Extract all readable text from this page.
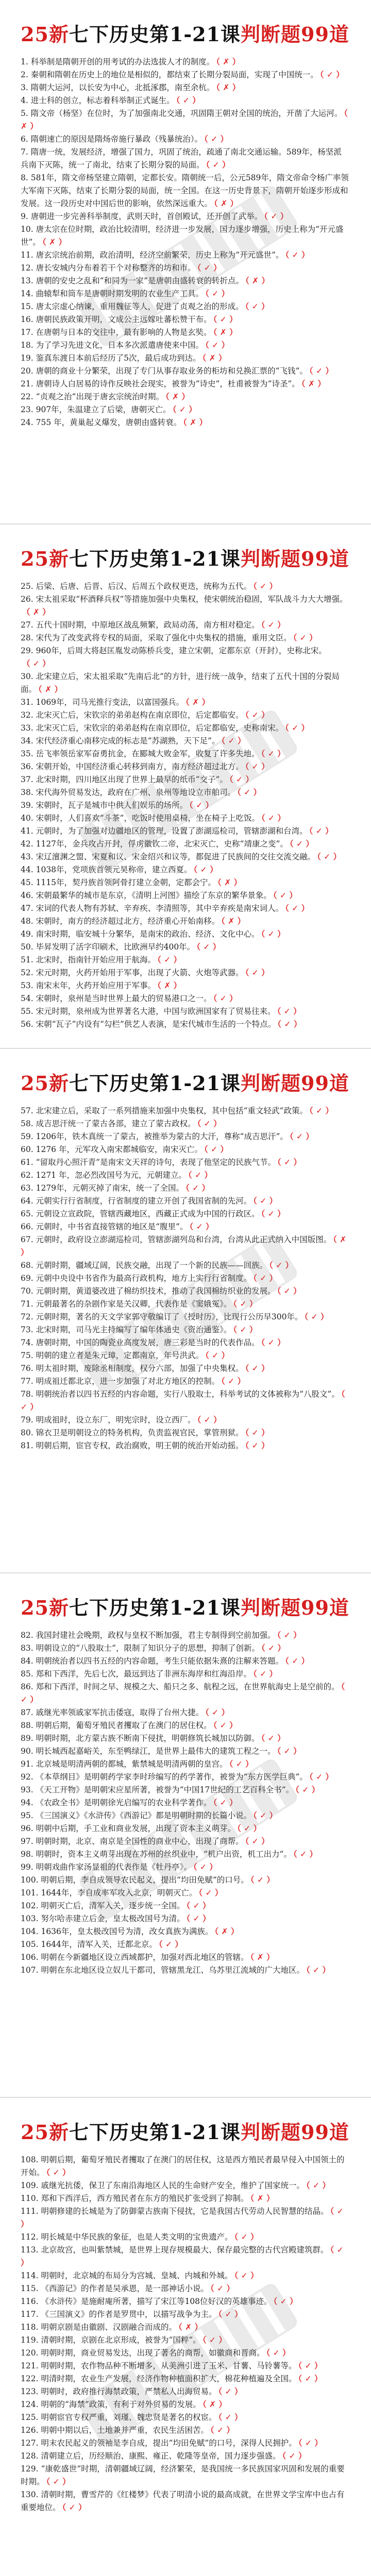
25新七下历史第1-21课判断题99道
1. 科举制是隋朝开创的用考试的办法选拔人才的制度。 （ ✗ ）
2. 秦朝和隋朝在历史上的地位是相似的，都结束了长期分裂局面，实现了中国统一。 （ ✓ ）
3. 隋朝大运河，以长安为中心，北抵涿郡，南至余杭。 （ ✗ ）
4. 进士科的创立，标志着科举制正式诞生。 （ ✓ ）
5. 隋文帝（杨坚）在位时，为了加强南北交通，巩固隋王朝对全国的统治，开凿了大运河。 （ ✗ ）
6. 隋朝速亡的原因是隋炀帝施行暴政（残暴统治）。 （ ✓ ）
7. 隋唐一统，发展经济，增强了国力，巩固了统治，疏通了南北交通运输。589年，杨坚派兵南下灭陈，统一了南北，结束了长期分裂的局面。 （ ✓ ）
8. 581年，隋文帝杨坚建立隋朝，定都长安。隋朝统一后，公元589年，隋文帝命令杨广率领大军南下灭陈，结束了长期分裂的局面，统一全国。在这一历史背景下，隋朝开始逐步形成和发展。这一段历史对中国后世的影响，依然深远重大。 （ ✗ ）
9. 唐朝进一步完善科举制度，武则天时，首创殿试，还开创了武举。 （ ✓ ）
10. 唐太宗在位时期，政治比较清明，经济进一步发展，国力逐步增强，历史上称为“开元盛世”。 （ ✗ ）
11. 唐玄宗统治前期，政治清明，经济空前繁荣，历史上称为“开元盛世”。 （ ✓ ）
12. 唐长安城内分布着若干个对称整齐的坊和市。 （ ✓ ）
13. 唐朝的安史之乱和“和同为一家”是唐朝由盛转衰的转折点。 （ ✗ ）
14. 曲辕犁和筒车是唐朝时期发明的农业生产工具。 （ ✓ ）
15. 唐太宗虚心纳谏，重用魏征等人，促进了贞观之治的形成。 （ ✓ ）
16. 唐朝民族政策开明，文成公主远嫁吐蕃松赞干布。 （ ✓ ）
17. 在唐朝与日本的交往中，最有影响的人物是玄奘。 （ ✗ ）
18. 为了学习先进文化，日本多次派遣唐使来中国。 （ ✓ ）
19. 鉴真东渡日本前后经历了5次，最后成功到达。 （ ✗ ）
20. 唐朝的商业十分繁荣，出现了专门从事存取业务的柜坊和兑换汇票的“飞钱”。 （ ✓ ）
21. 唐朝诗人白居易的诗作反映社会现实，被誉为“诗史”，杜甫被誉为“诗圣”。 （ ✗ ）
22. “贞观之治”出现于唐玄宗统治时期。 （ ✗ ）
23. 907年，朱温建立了后梁，唐朝灭亡。 （ ✓ ）
24. 755 年，黄巢起义爆发，唐朝由盛转衰。 （ ✗ ）
25新七下历史第1-21课判断题99道
25. 后梁、后唐、后晋、后汉、后周五个政权更迭，统称为五代。 （ ✓ ）
26. 宋太祖采取“杯酒释兵权”等措施加强中央集权，使宋朝统治稳固，军队战斗力大大增强。（ ✗ ）
27. 五代十国时期，中原地区战乱频繁，政局动荡，南方相对稳定。 （ ✓ ）
28. 宋代为了改变武将专权的局面，采取了强化中央集权的措施，重用文臣。 （ ✓ ）
29. 960年，后周大将赵匡胤发动陈桥兵变，建立宋朝，定都东京（开封），史称北宋。（ ✓ ）
30. 北宋建立后，宋太祖采取“先南后北”的方针，进行统一战争，结束了五代十国的分裂局面。 （ ✗ ）
31. 1069年，司马光推行变法，以富国强兵。 （ ✗ ）
32. 北宋灭亡后，宋钦宗的弟弟赵构在南京即位，后定都临安。 （ ✓ ）
33. 北宋灭亡后，宋钦宗的弟弟赵构在南京即位，后定都临安，史称南宋。 （ ✓ ）
34. 宋代经济重心南移完成的标志是“苏湖熟，天下足”。 （ ✓ ）
35. 岳飞率领岳家军奋勇抗金，在郾城大败金军，收复了许多失地。 （ ✓ ）
36. 宋朝开始，中国经济重心转移到南方，南方经济超过北方。 （ ✓ ）
37. 北宋时期，四川地区出现了世界上最早的纸币“交子”。 （ ✓ ）
38. 宋代海外贸易发达，政府在广州、泉州等地设立市舶司。 （ ✓ ）
39. 宋朝时，瓦子是城市中供人们娱乐的场所。 （ ✓ ）
40. 宋朝时，人们喜欢“斗茶”，吃饭时使用桌椅，坐在椅子上吃饭。 （ ✓ ）
41. 元朝时，为了加强对边疆地区的管理，设置了澎湖巡检司，管辖澎湖和台湾。 （ ✓ ）
42. 1127年，金兵攻占开封，俘虏徽钦二帝，北宋灭亡，史称“靖康之变”。 （ ✓ ）
43. 宋辽澶渊之盟、宋夏和议、宋金绍兴和议等，都促进了民族间的交往交流交融。 （ ✓ ）
44. 1038年，党项族首领元昊称帝，建立西夏。 （ ✓ ）
45. 1115年，契丹族首领阿骨打建立金朝，定都会宁。 （ ✗ ）
46. 宋朝最繁华的城市是东京，《清明上河图》描绘了东京的繁华景象。 （ ✓ ）
47. 宋词的代表人物有苏轼、辛弃疾、李清照等，其中辛弃疾是南宋词人。 （ ✓ ）
48. 宋朝时，南方的经济超过北方，经济重心开始南移。 （ ✗ ）
49. 南宋时期，临安城十分繁华，是南宋的政治、经济、文化中心。 （ ✓ ）
50. 毕昇发明了活字印刷术，比欧洲早约400年。 （ ✓ ）
51. 北宋时，指南针开始应用于航海。 （ ✓ ）
52. 宋元时期，火药开始用于军事，出现了火箭、火炮等武器。 （ ✓ ）
53. 南宋末年，火药开始应用于军事。 （ ✗ ）
54. 宋朝时，泉州是当时世界上最大的贸易港口之一。 （ ✓ ）
55. 宋元时期，泉州成为世界著名大港，中国与欧洲国家有了贸易往来。 （ ✓ ）
56. 宋朝“瓦子”内设有“勾栏”供艺人表演，是宋代城市生活的一个特点。 （ ✓ ）
25新七下历史第1-21课判断题99道
57. 北宋建立后，采取了一系列措施来加强中央集权，其中包括“重文轻武”政策。 （ ✓ ）
58. 成吉思汗统一了蒙古各部，建立了蒙古政权。 （ ✓ ）
59. 1206年，铁木真统一了蒙古，被推举为蒙古的大汗，尊称“成吉思汗”。 （ ✓ ）
60. 1276 年，元军攻入南宋都城临安，南宋灭亡。 （ ✓ ）
61. “留取丹心照汗青”是南宋文天祥的诗句，表现了他坚定的民族气节。 （ ✓ ）
62. 1271 年，忽必烈改国号为元，元朝建立。 （ ✓ ）
63. 1279年，元朝灭掉了南宋，统一了全国。 （ ✓ ）
64. 元朝实行行省制度，行省制度的建立开创了我国省制的先河。 （ ✓ ）
65. 元朝设立宣政院，管辖西藏地区，西藏正式成为中国的行政区。 （ ✓ ）
66. 元朝时，中书省直接管辖的地区是“腹里”。 （ ✓ ）
67. 元朝时，政府设立澎湖巡检司，管辖澎湖列岛和台湾，台湾从此正式纳入中国版图。 （ ✗ ）
68. 元朝时期，疆域辽阔，民族交融，出现了一个新的民族——回族。 （ ✓ ）
69. 元朝中央设中书省作为最高行政机构，地方上实行行省制度。 （ ✓ ）
70. 元朝时期，黄道婆改进了棉纺织技术，推动了我国棉纺织业的发展。 （ ✓ ）
71. 元朝最著名的杂剧作家是关汉卿，代表作是《窦娥冤》。 （ ✓ ）
72. 元朝时期，著名的天文学家郭守敬编订了《授时历》，比现行公历早300年。 （ ✓ ）
73. 北宋时期，司马光主持编写了编年体通史《资治通鉴》。 （ ✓ ）
74. 唐朝时期，中国的陶瓷业高度发展，唐三彩是当时的代表作品。 （ ✓ ）
75. 明朝的建立者是朱元璋，定都南京，年号洪武。 （ ✓ ）
76. 明太祖时期，废除丞相制度，权分六部，加强了中央集权。 （ ✓ ）
77. 明成祖迁都北京，进一步加强了对北方地区的控制。 （ ✓ ）
78. 明朝统治者以四书五经的内容命题，实行八股取士，科举考试的文体被称为“八股文”。 （ ✓ ）
79. 明成祖时，设立东厂，明宪宗时，设立西厂。 （ ✓ ）
80. 锦衣卫是明朝设立的特务机构，负责监视官民，掌管刑狱。 （ ✓ ）
81. 明朝后期，宦官专权，政治腐败，明王朝的统治开始动摇。 （ ✓ ）
25新七下历史第1-21课判断题99道
82. 我国封建社会晚期，政权与皇权不断加强，君主专制得到空前加强。 （ ✓ ）
83. 明朝设立的“八股取士”，限制了知识分子的思想，抑制了创新。 （ ✓ ）
84. 明朝统治者以四书五经的内容命题，考生只能依据朱熹的注解来答题。 （ ✓ ）
85. 郑和下西洋，先后七次，最远到达了非洲东海岸和红海沿岸。 （ ✓ ）
86. 郑和下西洋，时间之早、规模之大、船只之多、航程之远，在世界航海史上是空前的。 （ ✓ ）
87. 戚继光率领戚家军抗击倭寇，取得了台州大捷。 （ ✓ ）
88. 明朝后期，葡萄牙殖民者攫取了在澳门的居住权。 （ ✓ ）
89. 明朝时期，北方蒙古族不断南下侵扰，明朝修筑长城加以防御。 （ ✓ ）
90. 明长城西起嘉峪关，东至鸭绿江，是世界上最伟大的建筑工程之一。 （ ✓ ）
91. 北京城是明清两朝的都城，紫禁城是明清两朝的皇宫。 （ ✓ ）
92. 《本草纲目》是明朝药学家李时珍编写的药学著作，被誉为“东方医学巨典”。 （ ✓ ）
93. 《天工开物》是明朝宋应星所著，被誉为“中国17世纪的工艺百科全书”。 （ ✓ ）
94. 《农政全书》是明朝徐光启编写的农业科学著作。 （ ✓ ）
95. 《三国演义》《水浒传》《西游记》都是明朝时期的长篇小说。 （ ✓ ）
96. 明朝中后期，手工业和商业发展，出现了资本主义萌芽。 （ ✓ ）
97. 明朝时期，北京、南京是全国性的商业中心，出现了商帮。 （ ✓ ）
98. 明朝时，资本主义萌芽出现在苏州的丝织业中，“机户出资，机工出力”。 （ ✓ ）
99. 明朝戏曲作家汤显祖的代表作是《牡丹亭》。 （ ✓ ）
100. 明朝后期，李自成领导农民起义，提出“均田免赋”的口号。 （ ✓ ）
101. 1644年，李自成率军攻入北京，明朝灭亡。 （ ✓ ）
102. 明朝灭亡后，清军入关，逐步统一全国。 （ ✓ ）
103. 努尔哈赤建立后金，皇太极改国号为清。 （ ✓ ）
104. 1636年，皇太极改国号为清，改女真族为满族。 （ ✗ ）
105. 1644年，清军入关，迁都北京。 （ ✓ ）
106. 明朝在今新疆地区设立西域都护，加强对西北地区的管辖。 （ ✗ ）
107. 明朝在东北地区设立奴儿干都司，管辖黑龙江、乌苏里江流域的广大地区。 （ ✓ ）
25新七下历史第1-21课判断题99道
108. 明朝后期，葡萄牙殖民者攫取了在澳门的居住权，这是西方殖民者最早侵入中国领土的开始。 （ ✓ ）
109. 戚继光抗倭，保卫了东南沿海地区人民的生命财产安全，维护了国家统一。 （ ✓ ）
110. 郑和下西洋后，西方殖民者在东方的殖民扩张受到了抑制。 （ ✗ ）
111. 明朝修建的长城是为了防御蒙古族南下侵扰，它是我国古代劳动人民智慧的结晶。 （ ✓ ）
112. 明长城是中华民族的象征，也是人类文明的宝贵遗产。 （ ✓ ）
113. 北京故宫，也叫紫禁城，是世界上现存规模最大、保存最完整的古代宫殿建筑群。 （ ✓ ）
114. 明朝时，北京城的布局分为宫城、皇城、内城和外城。 （ ✓ ）
115. 《西游记》的作者是吴承恩，是一部神话小说。 （ ✓ ）
116. 《水浒传》是施耐庵所著，描写了宋江等108位好汉的英雄事迹。 （ ✓ ）
117. 《三国演义》的作者是罗贯中，以描写战争为主。 （ ✓ ）
118. 明朝京剧是由徽剧、汉剧融合而成的。 （ ✗ ）
119. 清朝时期，京剧在北京形成，被誉为“国粹”。 （ ✓ ）
120. 明朝时期，商业贸易发达，出现了著名的商帮，如徽商和晋商。 （ ✓ ）
121. 明朝时期，农作物品种不断增多，从美洲引进了玉米、甘薯、马铃薯等。 （ ✓ ）
122. 明清时期，农业生产发展，经济作物种植面积扩大，棉花种植遍及全国。 （ ✓ ）
123. 明朝时，政府推行海禁政策，严禁私人出海贸易。 （ ✓ ）
124. 明朝的“海禁”政策，有利于对外贸易的发展。 （ ✗ ）
125. 明朝宦官专权严重，刘瑾、魏忠贤是著名的权宦。 （ ✓ ）
126. 明朝中期以后，土地兼并严重，农民生活困苦。 （ ✓ ）
127. 明末农民起义的领袖是李自成，提出“均田免赋”的口号，深得人民拥护。 （ ✓ ）
128. 清朝建立后，历经顺治、康熙、雍正、乾隆等皇帝，国力逐步强盛。 （ ✓ ）
129. “康乾盛世”时期，清朝疆域辽阔，经济繁荣，是我国统一多民族国家巩固和发展的重要时期。 （ ✓ ）
130. 清朝时期，曹雪芹的《红楼梦》代表了明清小说的最高成就，在世界文学宝库中也占有重要地位。 （ ✓ ）
